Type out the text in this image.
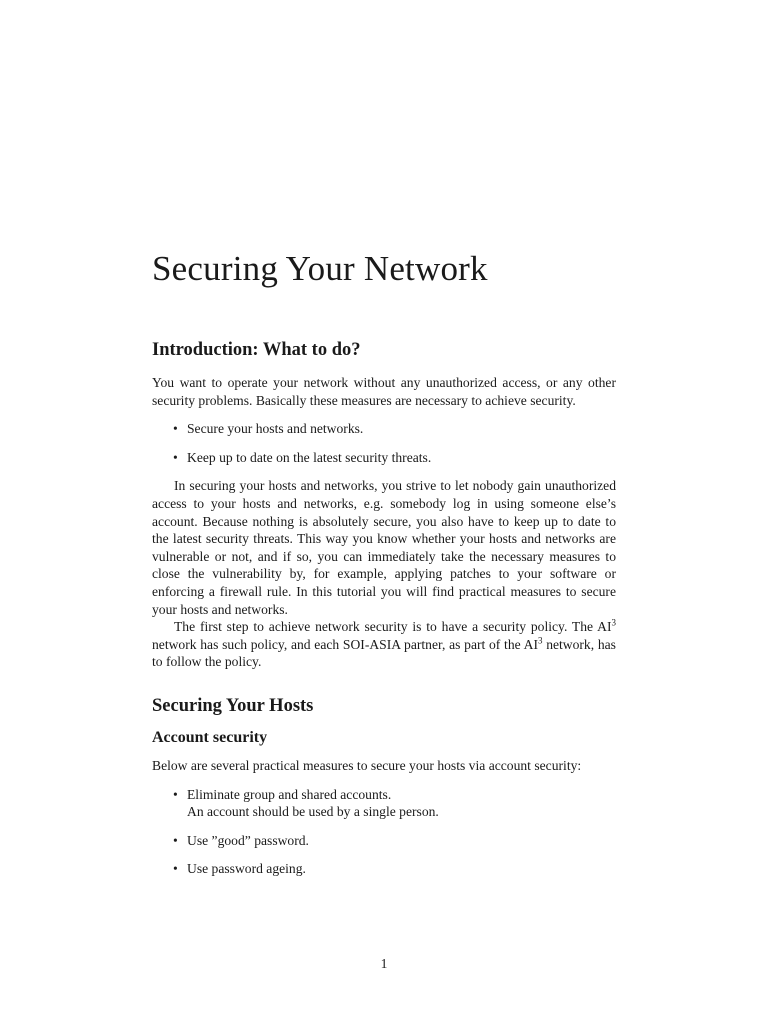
Securing Your Network
Introduction: What to do?

You want to operate your network without any unauthorized access, or any other security problems. Basically these measures are necessary to achieve security.

• Secure your hosts and networks.
• Keep up to date on the latest security threats.

In securing your hosts and networks, you strive to let nobody gain unauthorized access to your hosts and networks, e.g. somebody log in using someone else’s account. Because nothing is absolutely secure, you also have to keep up to date to the latest security threats. This way you know whether your hosts and networks are vulnerable or not, and if so, you can immediately take the necessary measures to close the vulnerability by, for example, applying patches to your software or enforcing a firewall rule. In this tutorial you will find practical measures to secure your hosts and networks.

The first step to achieve network security is to have a security policy. The $AI^3$ network has such policy, and each SOI-ASIA partner, as part of the $AI^3$ network, has to follow the policy.

Securing Your Hosts
Account security

Below are several practical measures to secure your hosts via account security:

• Eliminate group and shared accounts.
An account should be used by a single person.
• Use ”good” password.
• Use password ageing.
1
